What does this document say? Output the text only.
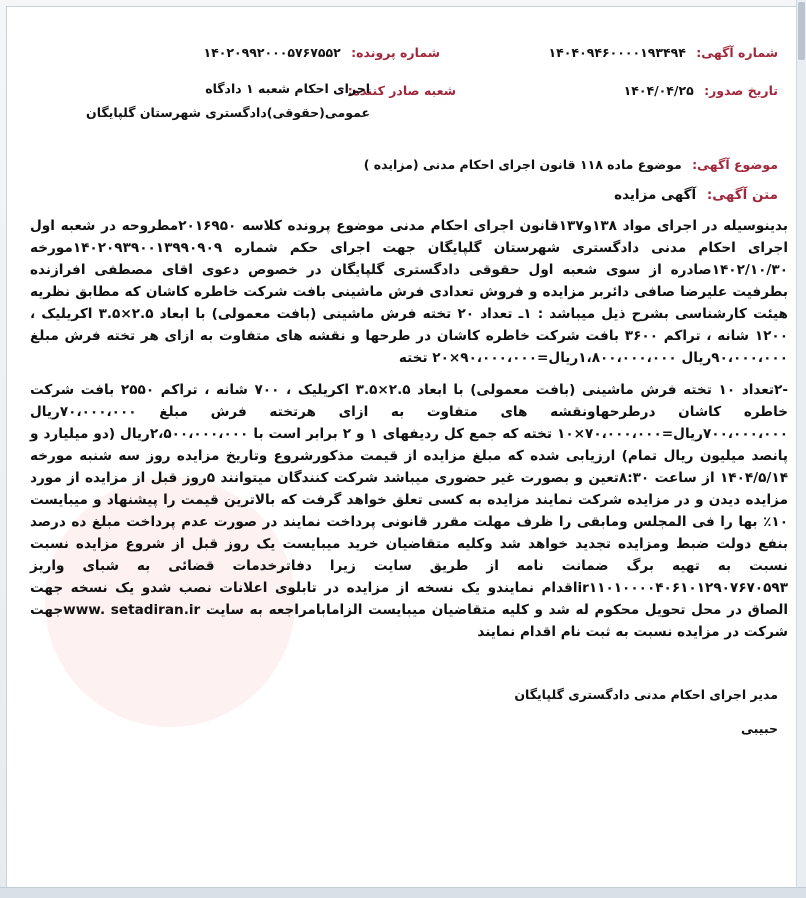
شماره آگهی: ۱۴۰۴۰۹۴۶۰۰۰۰۱۹۳۴۹۴
شماره پرونده: ۱۴۰۲۰۹۹۲۰۰۰۵۷۶۷۵۵۲
تاریخ صدور: ۱۴۰۴/۰۴/۲۵
شعبه صادر کننده:
اجرای احکام شعبه ۱ دادگاه عمومی(حقوقی)دادگستری شهرستان گلپایگان
موضوع آگهی: موضوع ماده ۱۱۸ قانون اجرای احکام مدنی (مزایده )
متن آگهی: آگهی مزایده

بدینوسیله در اجرای مواد ۱۳۸و۱۳۷قانون اجرای احکام مدنی موضوع پرونده کلاسه ۲۰۱۶۹۵۰مطروحه در شعبه اول اجرای احکام مدنی دادگستری شهرستان گلپایگان جهت اجرای حکم شماره ۱۴۰۲۰۹۳۹۰۰۱۳۹۹۰۹۰۹مورخه ۱۴۰۲/۱۰/۳۰صادره از سوی شعبه اول حقوقی دادگستری گلپایگان در خصوص دعوی اقای مصطفی افرازنده بطرفیت علیرضا صافی دائربر مزایده و فروش تعدادی فرش ماشینی بافت شرکت خاطره کاشان که مطابق نظریه هیئت کارشناسی بشرح ذیل میباشد : ۱ـ تعداد ۲۰ تخته فرش ماشینی (بافت معمولی) با ابعاد ۲.۵×۳.۵ اکریلیک ، ۱۲۰۰ شانه ، تراکم ۳۶۰۰ بافت شرکت خاطره کاشان در طرحها و نقشه های متفاوت به ازای هر تخته فرش مبلغ ۹۰،۰۰۰،۰۰۰ریال ۱،۸۰۰،۰۰۰،۰۰۰ریال=۹۰،۰۰۰،۰۰۰×۲۰ تخته

-۲تعداد ۱۰ تخته فرش ماشینی (بافت معمولی) با ابعاد ۲.۵×۳.۵ اکریلیک ، ۷۰۰ شانه ، تراکم ۲۵۵۰ بافت شرکت خاطره کاشان درطرحهاونقشه های متفاوت به ازای هرتخته فرش مبلغ ۷۰،۰۰۰،۰۰۰ریال ۷۰۰،۰۰۰،۰۰۰ریال=۷۰،۰۰۰،۰۰۰×۱۰ تخته که جمع کل ردیفهای ۱ و ۲ برابر است با ۲،۵۰۰،۰۰۰،۰۰۰ریال (دو میلیارد و پانصد میلیون ریال تمام) ارزیابی شده که مبلغ مزایده از قیمت مذکورشروع وتاریخ مزایده روز سه شنبه مورخه ۱۴۰۴/۵/۱۴ از ساعت ۸:۳۰تعین و بصورت غیر حضوری میباشد شرکت کنندگان میتوانند ۵روز قبل از مزایده از مورد مزایده دیدن و در مزایده شرکت نمایند مزایده به کسی تعلق خواهد گرفت که بالاترین قیمت را پیشنهاد و میبایست ۱۰٪ بها را فی المجلس ومابقی را ظرف مهلت مقرر قانونی پرداخت نمایند در صورت عدم پرداخت مبلغ ده درصد بنفع دولت ضبط ومزایده تجدید خواهد شد وکلیه متقاضیان خرید میبایست یک روز قبل از شروع مزایده نسبت نسبت به تهیه برگ ضمانت نامه از طریق سایت زیرا دفاترخدمات قضائی به شبای واریز ir۱۱۰۱۰۰۰۰۴۰۶۱۰۱۲۹۰۷۶۷۰۵۹۳اقدام نمایندو یک نسخه از مزایده در تابلوی اعلانات نصب شدو یک نسخه جهت الصاق در محل تحویل محکوم له شد و کلیه متقاضیان میبایست الزامابامراجعه به سایت www. setadiran.irجهت شرکت در مزایده نسبت به ثبت نام اقدام نمایند

مدیر اجرای احکام مدنی دادگستری گلپایگان
حبیبی
